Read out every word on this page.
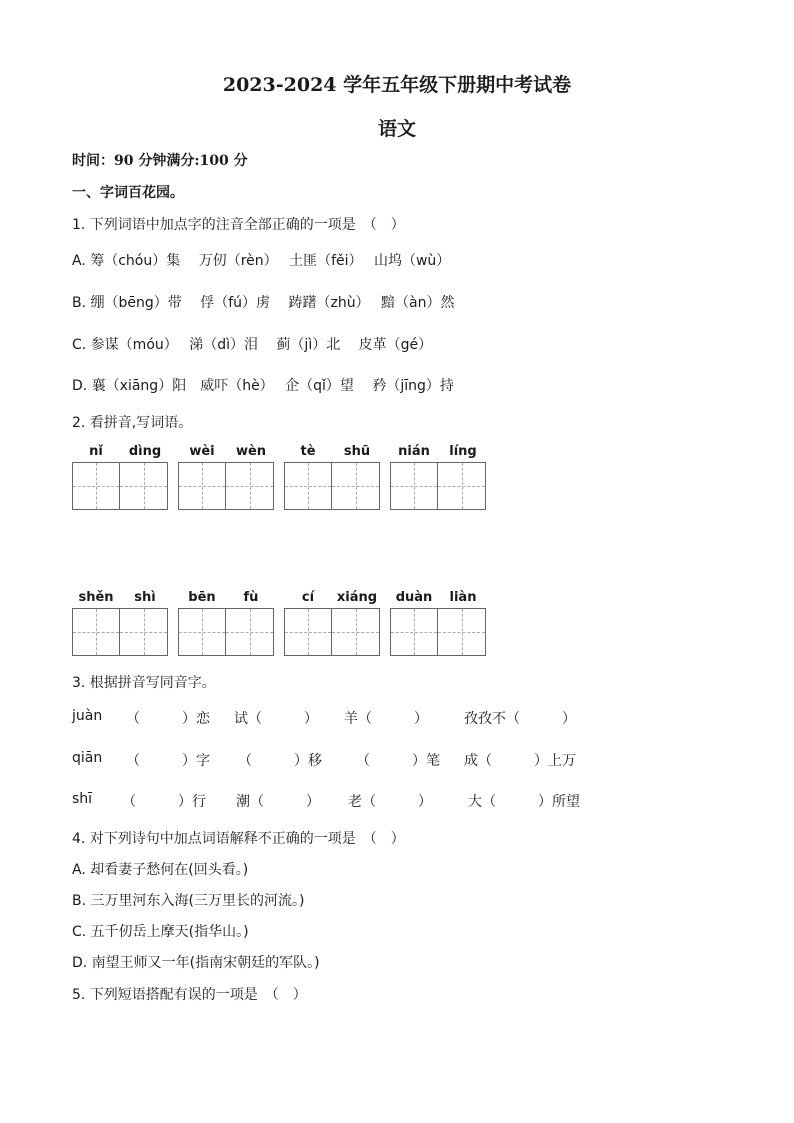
2023-2024 学年五年级下册期中考试卷
语文
时间：90 分钟满分:100 分
一、字词百花园。
1. 下列词语中加点字的注音全部正确的一项是　（　）
A. 筹（chóu）集　 万仞（rèn）　 土匪（fěi）　 山坞（wù）
B. 绷（bēng）带　 俘（fú）虏　 踌躇（zhù）　 黯（àn）然
C. 参谋（móu）　 涕（dì）泪　 蓟（jì）北　 皮革（gé）
D. 襄（xiāng）阳　威吓（hè）　 企（qǐ）望　 矜（jīng）持
2. 看拼音,写词语。
nǐ	dìng	wèi	wèn	tè	shū	nián	líng
shěn	shì	bēn	fù	cí	xiáng	duàn	liàn
3. 根据拼音写同音字。
juàn （　　　）恋 试（　　　） 羊（　　　）	孜孜不（　　　）
qiān （　　　）字 （　　　）移 （　　　）笔 成（　　　）上万
shī （　　　）行 潮（　　　） 老（　　　）	大（　　　）所望
4. 对下列诗句中加点词语解释不正确的一项是　（　）
A. 却看妻子愁何在(回头看。)
B. 三万里河东入海(三万里长的河流。)
C. 五千仞岳上摩天(指华山。)
D. 南望王师又一年(指南宋朝廷的军队。)
5. 下列短语搭配有误的一项是　（　）
